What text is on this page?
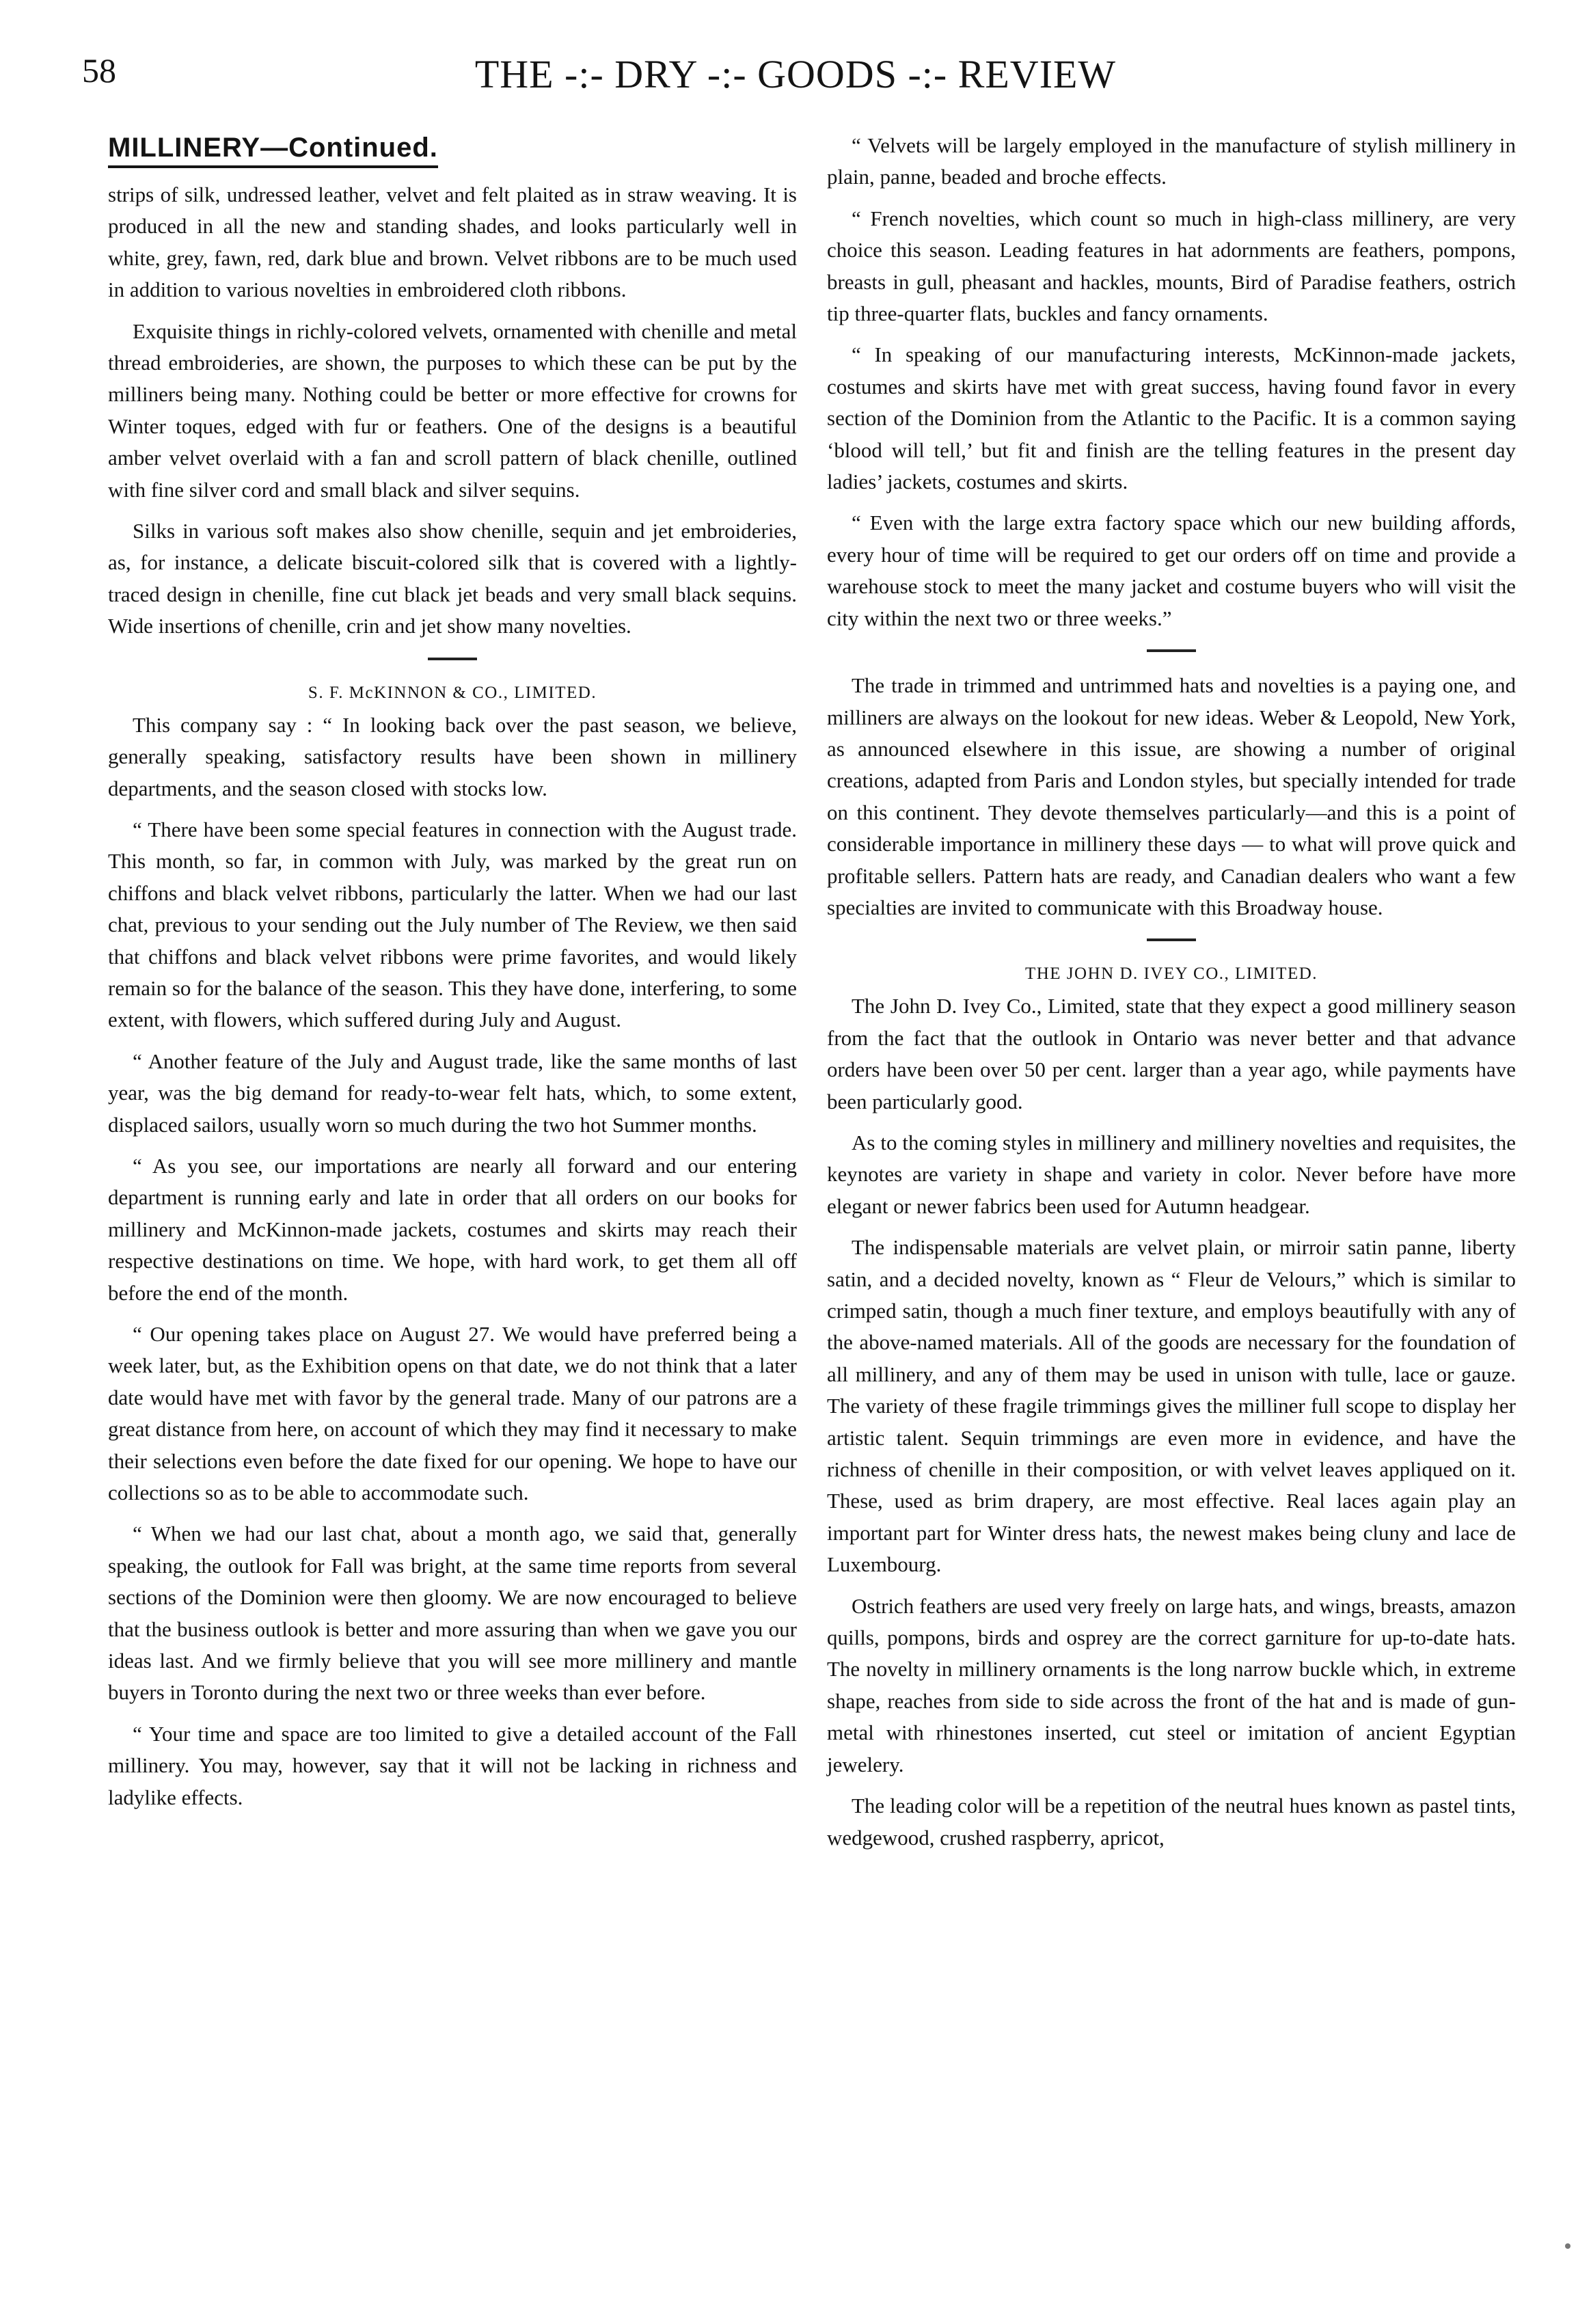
58	THE -:- DRY -:- GOODS -:- REVIEW
MILLINERY—Continued.

strips of silk, undressed leather, velvet and felt plaited as in straw weaving. It is produced in all the new and standing shades, and looks particularly well in white, grey, fawn, red, dark blue and brown. Velvet ribbons are to be much used in addition to various novelties in embroidered cloth ribbons.

Exquisite things in richly-colored velvets, ornamented with chenille and metal thread embroideries, are shown, the purposes to which these can be put by the milliners being many. Nothing could be better or more effective for crowns for Winter toques, edged with fur or feathers. One of the designs is a beautiful amber velvet overlaid with a fan and scroll pattern of black chenille, outlined with fine silver cord and small black and silver sequins.

Silks in various soft makes also show chenille, sequin and jet embroideries, as, for instance, a delicate biscuit-colored silk that is covered with a lightly-traced design in chenille, fine cut black jet beads and very small black sequins. Wide insertions of chenille, crin and jet show many novelties.

S. F. McKINNON & CO., LIMITED.

This company say : “ In looking back over the past season, we believe, generally speaking, satisfactory results have been shown in millinery departments, and the season closed with stocks low.

“ There have been some special features in connection with the August trade. This month, so far, in common with July, was marked by the great run on chiffons and black velvet ribbons, particularly the latter. When we had our last chat, previous to your sending out the July number of The Review, we then said that chiffons and black velvet ribbons were prime favorites, and would likely remain so for the balance of the season. This they have done, interfering, to some extent, with flowers, which suffered during July and August.

“ Another feature of the July and August trade, like the same months of last year, was the big demand for ready-to-wear felt hats, which, to some extent, displaced sailors, usually worn so much during the two hot Summer months.

“ As you see, our importations are nearly all forward and our entering department is running early and late in order that all orders on our books for millinery and McKinnon-made jackets, costumes and skirts may reach their respective destinations on time. We hope, with hard work, to get them all off before the end of the month.

“ Our opening takes place on August 27. We would have preferred being a week later, but, as the Exhibition opens on that date, we do not think that a later date would have met with favor by the general trade. Many of our patrons are a great distance from here, on account of which they may find it necessary to make their selections even before the date fixed for our opening. We hope to have our collections so as to be able to accommodate such.

“ When we had our last chat, about a month ago, we said that, generally speaking, the outlook for Fall was bright, at the same time reports from several sections of the Dominion were then gloomy. We are now encouraged to believe that the business outlook is better and more assuring than when we gave you our ideas last. And we firmly believe that you will see more millinery and mantle buyers in Toronto during the next two or three weeks than ever before.

“ Your time and space are too limited to give a detailed account of the Fall millinery. You may, however, say that it will not be lacking in richness and ladylike effects.

“ Velvets will be largely employed in the manufacture of stylish millinery in plain, panne, beaded and broche effects.

“ French novelties, which count so much in high-class millinery, are very choice this season. Leading features in hat adornments are feathers, pompons, breasts in gull, pheasant and hackles, mounts, Bird of Paradise feathers, ostrich tip three-quarter flats, buckles and fancy ornaments.

“ In speaking of our manufacturing interests, McKinnon-made jackets, costumes and skirts have met with great success, having found favor in every section of the Dominion from the Atlantic to the Pacific. It is a common saying ‘blood will tell,’ but fit and finish are the telling features in the present day ladies’ jackets, costumes and skirts.

“ Even with the large extra factory space which our new building affords, every hour of time will be required to get our orders off on time and provide a warehouse stock to meet the many jacket and costume buyers who will visit the city within the next two or three weeks.”

The trade in trimmed and untrimmed hats and novelties is a paying one, and milliners are always on the lookout for new ideas. Weber & Leopold, New York, as announced elsewhere in this issue, are showing a number of original creations, adapted from Paris and London styles, but specially intended for trade on this continent. They devote themselves particularly—and this is a point of considerable importance in millinery these days — to what will prove quick and profitable sellers. Pattern hats are ready, and Canadian dealers who want a few specialties are invited to communicate with this Broadway house.

THE JOHN D. IVEY CO., LIMITED.

The John D. Ivey Co., Limited, state that they expect a good millinery season from the fact that the outlook in Ontario was never better and that advance orders have been over 50 per cent. larger than a year ago, while payments have been particularly good.

As to the coming styles in millinery and millinery novelties and requisites, the keynotes are variety in shape and variety in color. Never before have more elegant or newer fabrics been used for Autumn headgear.

The indispensable materials are velvet plain, or mirroir satin panne, liberty satin, and a decided novelty, known as “ Fleur de Velours,” which is similar to crimped satin, though a much finer texture, and employs beautifully with any of the above-named materials. All of the goods are necessary for the foundation of all millinery, and any of them may be used in unison with tulle, lace or gauze. The variety of these fragile trimmings gives the milliner full scope to display her artistic talent. Sequin trimmings are even more in evidence, and have the richness of chenille in their composition, or with velvet leaves appliqued on it. These, used as brim drapery, are most effective. Real laces again play an important part for Winter dress hats, the newest makes being cluny and lace de Luxembourg.

Ostrich feathers are used very freely on large hats, and wings, breasts, amazon quills, pompons, birds and osprey are the correct garniture for up-to-date hats. The novelty in millinery ornaments is the long narrow buckle which, in extreme shape, reaches from side to side across the front of the hat and is made of gun-metal with rhinestones inserted, cut steel or imitation of ancient Egyptian jewelery.

The leading color will be a repetition of the neutral hues known as pastel tints, wedgewood, crushed raspberry, apricot,
